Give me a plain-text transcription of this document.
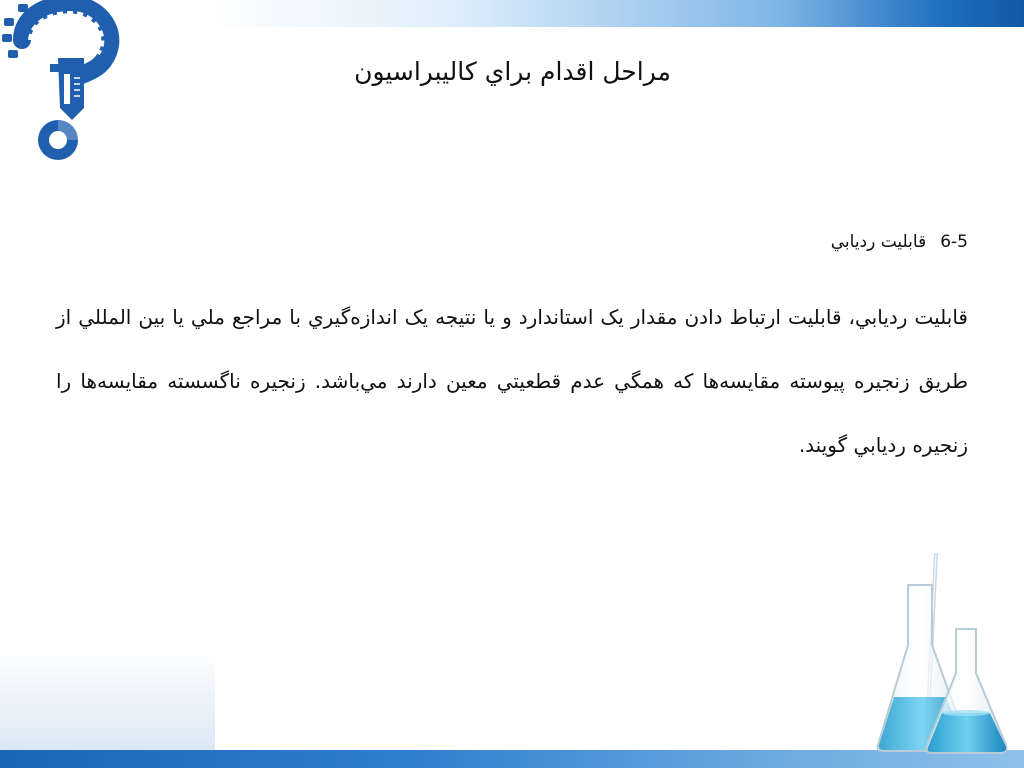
مراحل اقدام براي كاليبراسيون
6-5قابليت ردیابي
قابليت ردیابي، قابليت ارتباط دادن مقدار يک استاندارد و يا نتيجه يک اندازه‌گيري با مراجع ملي يا بين المللي از طريق زنجيره پيوسته مقايسه‌ها که همگي عدم قطعيتي معين دارند مي‌باشد. زنجيره ناگسسته مقايسه‌ها را زنجيره ردیابي گويند.
